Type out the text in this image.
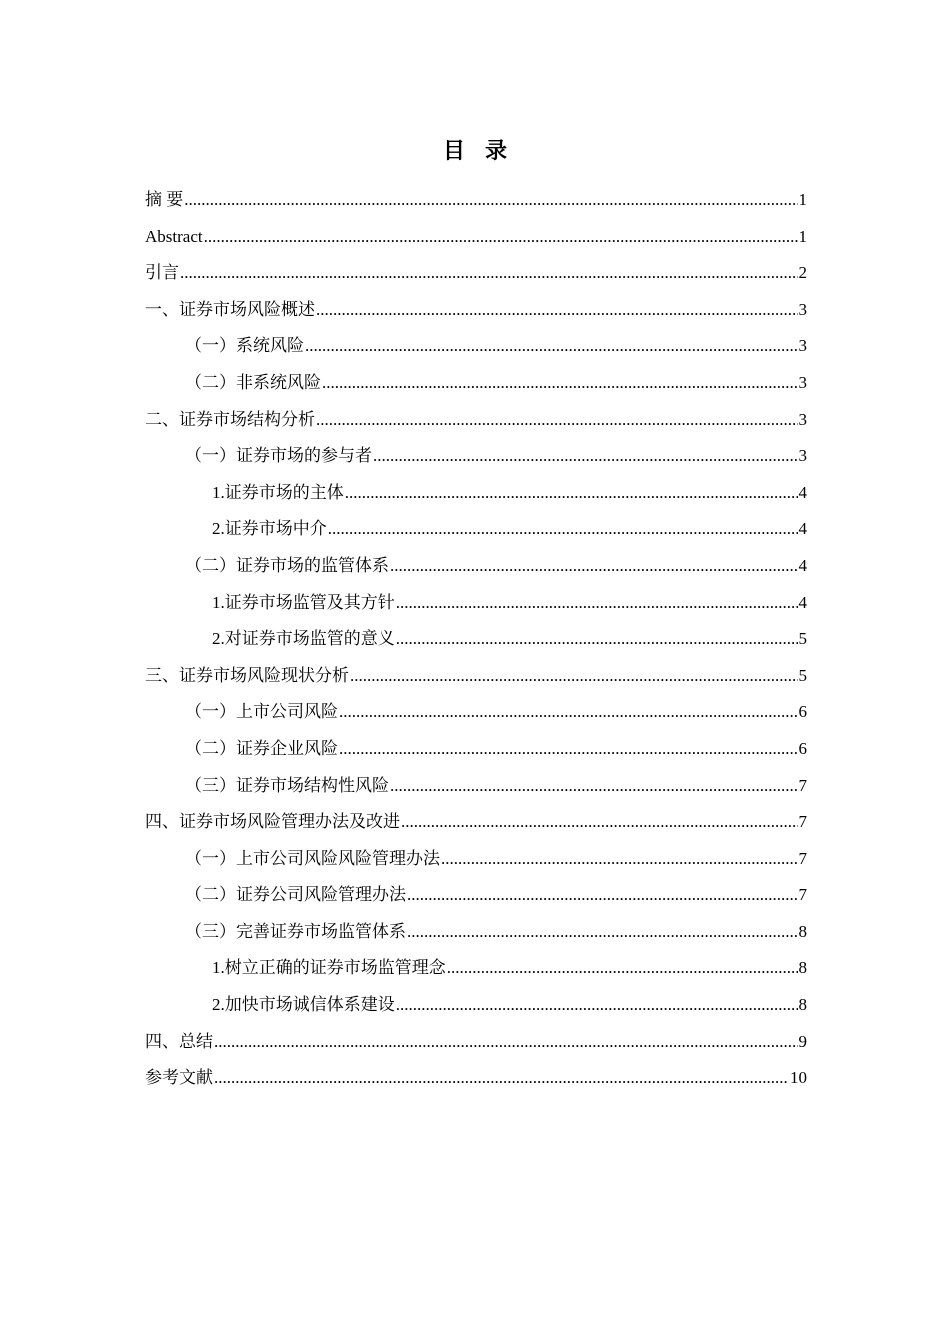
目录
摘 要 .....	1
Abstract .....	1
引言 .....	2
一、证券市场风险概述 .....	3
（一）系统风险 .....	3
（二）非系统风险 .....	3
二、证券市场结构分析 .....	3
（一）证券市场的参与者 .....	3
1.证券市场的主体 .....	4
2.证券市场中介 .....	4
（二）证券市场的监管体系 .....	4
1.证券市场监管及其方针 .....	4
2.对证券市场监管的意义 .....	5
三、证券市场风险现状分析 .....	5
（一）上市公司风险 .....	6
（二）证券企业风险 .....	6
（三）证券市场结构性风险 .....	7
四、证券市场风险管理办法及改进 .....	7
（一）上市公司风险风险管理办法 .....	7
（二）证券公司风险管理办法 .....	7
（三）完善证券市场监管体系 .....	8
1.树立正确的证券市场监管理念 .....	8
2.加快市场诚信体系建设 .....	8
四、总结 .....	9
参考文献 .....	10
